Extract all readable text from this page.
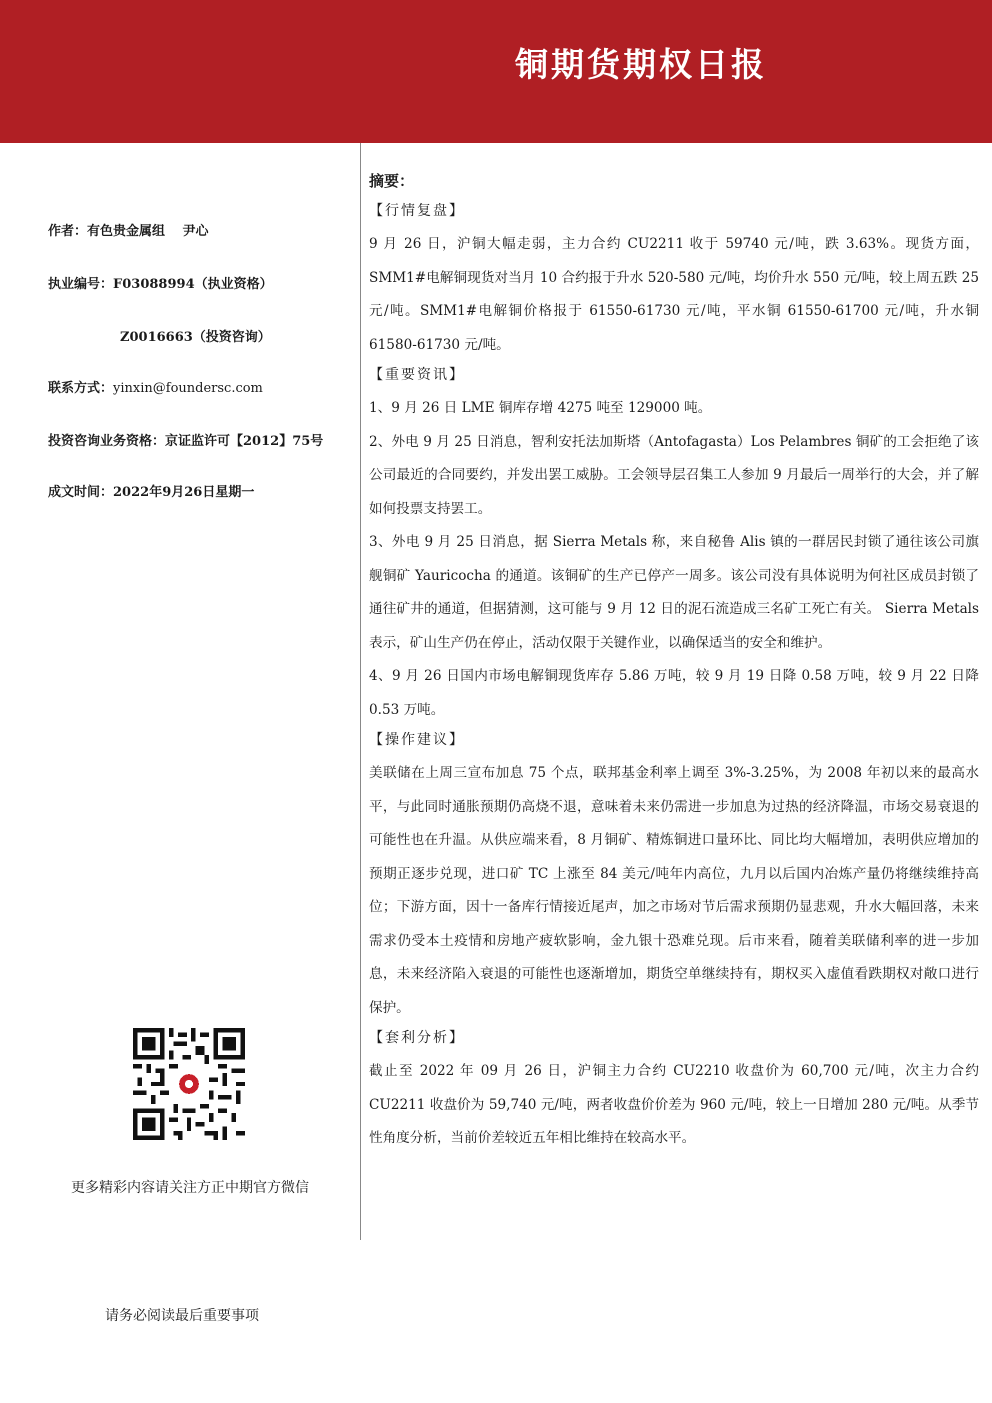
铜期货期权日报
作者：有色贵金属组　 尹心
执业编号：F03088994（执业资格）
Z0016663（投资咨询）
联系方式：yinxin@foundersc.com
投资咨询业务资格：京证监许可【2012】75号
成文时间：2022年9月26日星期一
更多精彩内容请关注方正中期官方微信
请务必阅读最后重要事项
摘要：
【行情复盘】

9 月 26 日，沪铜大幅走弱，主力合约 CU2211 收于 59740 元/吨，跌 3.63%。现货方面，SMM1#电解铜现货对当月 10 合约报于升水 520-580 元/吨，均价升水 550 元/吨，较上周五跌 25 元/吨。SMM1#电解铜价格报于 61550-61730 元/吨，平水铜 61550-61700 元/吨，升水铜 61580-61730 元/吨。

【重要资讯】

1、9 月 26 日 LME 铜库存增 4275 吨至 129000 吨。

2、外电 9 月 25 日消息，智利安托法加斯塔（Antofagasta）Los Pelambres 铜矿的工会拒绝了该公司最近的合同要约，并发出罢工威胁。工会领导层召集工人参加 9 月最后一周举行的大会，并了解如何投票支持罢工。

3、外电 9 月 25 日消息，据 Sierra Metals 称，来自秘鲁 Alis 镇的一群居民封锁了通往该公司旗舰铜矿 Yauricocha 的通道。该铜矿的生产已停产一周多。该公司没有具体说明为何社区成员封锁了通往矿井的通道，但据猜测，这可能与 9 月 12 日的泥石流造成三名矿工死亡有关。 Sierra Metals 表示，矿山生产仍在停止，活动仅限于关键作业，以确保适当的安全和维护。

4、9 月 26 日国内市场电解铜现货库存 5.86 万吨，较 9 月 19 日降 0.58 万吨，较 9 月 22 日降 0.53 万吨。

【操作建议】

美联储在上周三宣布加息 75 个点，联邦基金利率上调至 3%-3.25%，为 2008 年初以来的最高水平，与此同时通胀预期仍高烧不退，意味着未来仍需进一步加息为过热的经济降温，市场交易衰退的可能性也在升温。从供应端来看，8 月铜矿、精炼铜进口量环比、同比均大幅增加，表明供应增加的预期正逐步兑现，进口矿 TC 上涨至 84 美元/吨年内高位，九月以后国内冶炼产量仍将继续维持高位；下游方面，因十一备库行情接近尾声，加之市场对节后需求预期仍显悲观，升水大幅回落，未来需求仍受本土疫情和房地产疲软影响，金九银十恐难兑现。后市来看，随着美联储利率的进一步加息，未来经济陷入衰退的可能性也逐渐增加，期货空单继续持有，期权买入虚值看跌期权对敞口进行保护。

【套利分析】

截止至 2022 年 09 月 26 日，沪铜主力合约 CU2210 收盘价为 60,700 元/吨，次主力合约 CU2211 收盘价为 59,740 元/吨，两者收盘价价差为 960 元/吨，较上一日增加 280 元/吨。从季节性角度分析，当前价差较近五年相比维持在较高水平。
